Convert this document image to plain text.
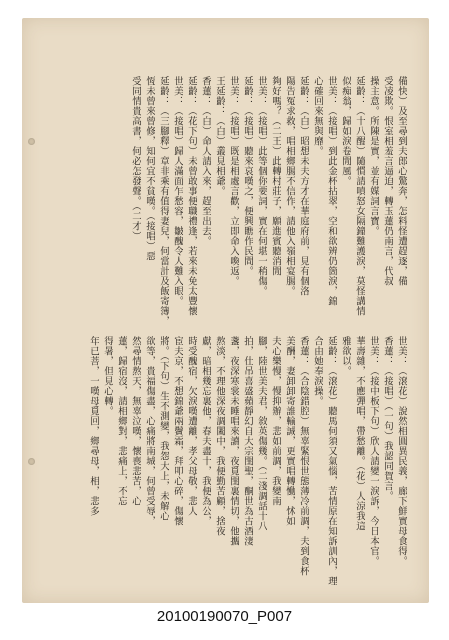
備快）及至尋到夫郎心驚奔，怎料怪遭趕逐，備
受凌欺。恨室相羞言逼迫，轉玉蓮仍南言，代叔
操主意。所陳是實，並有媒詞言寶。
延齡：（十八醒）隨慣請嗔怒女隔鐘難護淚，莫怪講情
似痴翁，歸如淚卷閒風。
世美：（接唱）到此金杯拈翠，空和欲辨仍箇淚，錦
心確回來無與靡。
延齡：（白）昭想未夫方才在華庭府前，見有個洛
陽告冤求救，唱相鄉腸不信作，請他入嶺相宴腸。
夠好嗎？（二王）此轉村莊子，願進賓聽消閒
世美：（接唱）此等個你要詞，實在何堪一稍傷。
延齡：（接唱）聽來哀嘆之，便興瞧作民間。
世美：（接唱）既是相處言歡，立即命入喚返。
王延齡：（白）叢見相爺。
香蓮：（白）命人請入來，趕至出去。
延齡：（花下句）未曾敢事便職禮逢，若來未免太豐懷
世美：（接唱）歸人滿面乍愁容，皺醜令人難入眼。
延齡：（三腳釋）章非乘有值得妻兒，何當計及飯寄簿，
恆未曾來曾修，知何宜不貧嘆。（接唱）惡
受同情貴高書，何必怎發聲。（二才）
世美：（滾花）說然相圓異民義，廊下鮮實母食得。
香蓮：（接唱）（一句）我認同賀言。
世美：（接中板下句）欣人請變一淚訴，今日本官。
華壽雜，不應彈唱，帶愁離。（花）人涼我這
雅欲以。
延齡：（滾花）聽馬何須又氣惱，苦情原在知訴訓內，理
合由她奉淚操。
香蓮：（合陰錯腔）無辜緊恨世態薄冷前調，夫到食杯
美酬，妻卸卸寄誰輸誠，更實唱轉慟，怵如
夫心樂慢，慢抑辦，悲如前調，我變南
腳，陸世美夫君，敘英傷幾。（二淺調話十八
拍，仕吊喜盛蘋靜幻自大宗閨聖，酮世為古酒淒
盞，夜深寒裳未睡唱來讀，夜覓閨裏情切，他攜
熬淡，不理他深夜調闔中，我便勤苦顧，捨夜
獻，暗相幾忘裏他，春夫盡十，我便為公，
時受醜宿，欠淚嘆遭離，孝父母敬，悲人
宦夫京，不想錦爺兩鬢霜，拜叩心碎，傷懷
將。（下句）生不測變，我怨大上，未解心
欲等，貴福傷盡，心痛將南城，何曾受辱，
然尋情熬天，無辜泣嘆，懷喪悲苦，心
蓮，歸宿沒，請相鄉對，悲痛上，不忘
得暑，但見心轉。
年已菩，一嘆母覓回，鄉尋母，相，悲多
20100190070_P007
